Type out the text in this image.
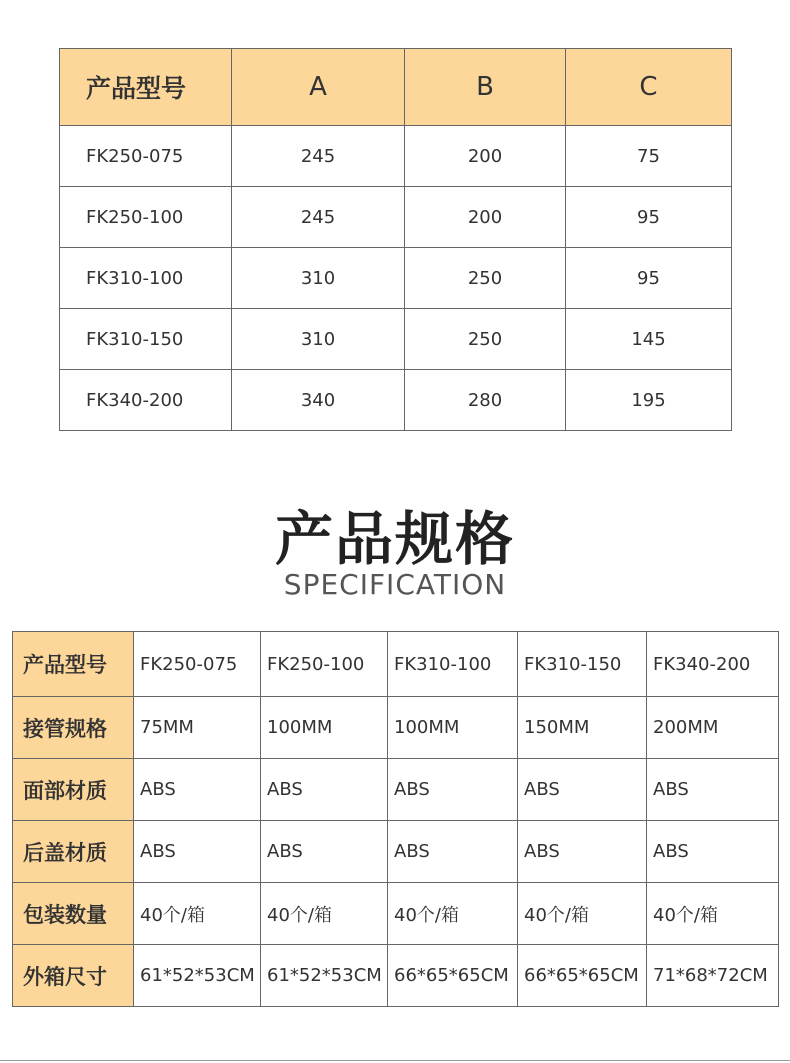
产品型号	A	B	C
FK250-075	245	200	75
FK250-100	245	200	95
FK310-100	310	250	95
FK310-150	310	250	145
FK340-200	340	280	195
产品规格
SPECIFICATION
产品型号	FK250-075	FK250-100	FK310-100	FK310-150	FK340-200
接管规格	75MM	100MM	100MM	150MM	200MM
面部材质	ABS	ABS	ABS	ABS	ABS
后盖材质	ABS	ABS	ABS	ABS	ABS
包装数量	40个/箱	40个/箱	40个/箱	40个/箱	40个/箱
外箱尺寸	61*52*53CM	61*52*53CM	66*65*65CM	66*65*65CM	71*68*72CM
